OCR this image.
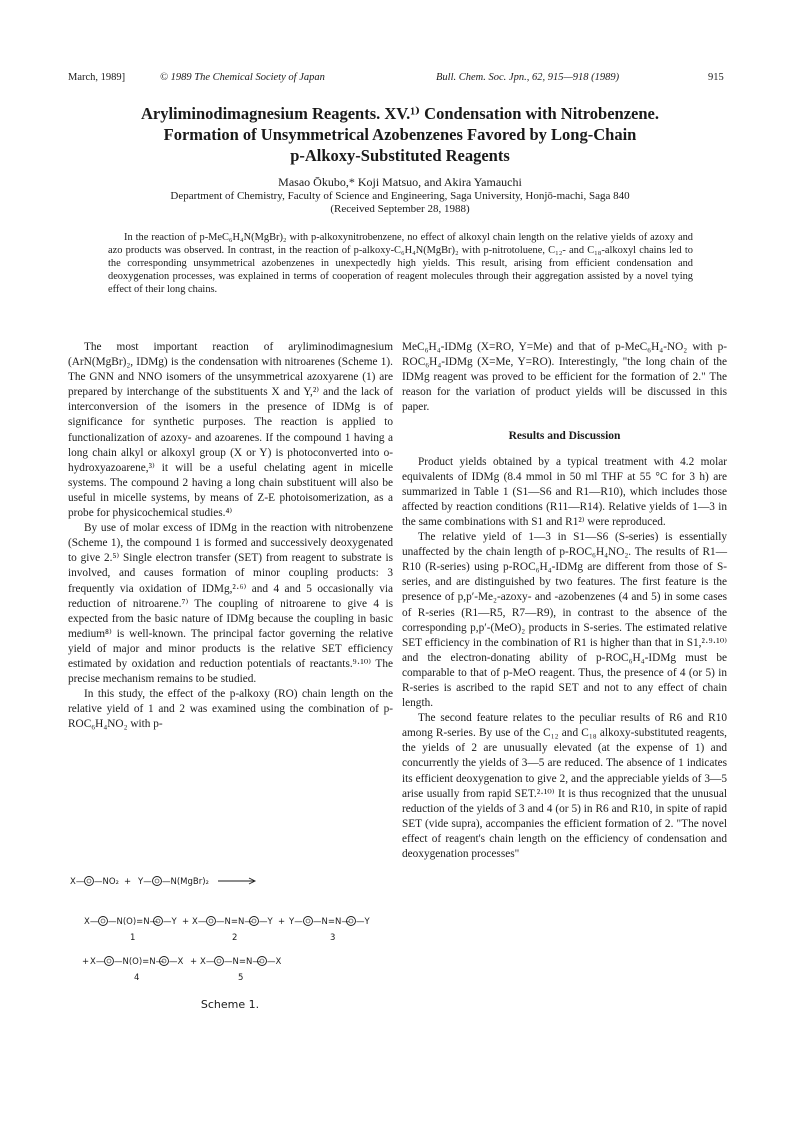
March, 1989]	© 1989 The Chemical Society of Japan	Bull. Chem. Soc. Jpn., 62, 915—918 (1989)	915
Aryliminodimagnesium Reagents. XV.¹⁾ Condensation with Nitrobenzene.
Formation of Unsymmetrical Azobenzenes Favored by Long-Chain
p-Alkoxy-Substituted Reagents
Masao Ōkubo,* Koji Matsuo, and Akira Yamauchi
Department of Chemistry, Faculty of Science and Engineering, Saga University, Honjō-machi, Saga 840
(Received September 28, 1988)
In the reaction of p-MeC₆H₄N(MgBr)₂ with p-alkoxynitrobenzene, no effect of alkoxyl chain length on the relative yields of azoxy and azo products was observed. In contrast, in the reaction of p-alkoxy-C₆H₄N(MgBr)₂ with p-nitrotoluene, C₁₂- and C₁₈-alkoxyl chains led to the corresponding unsymmetrical azobenzenes in unexpectedly high yields. This result, arising from efficient condensation and deoxygenation processes, was explained in terms of cooperation of reagent molecules through their aggregation assisted by a novel tying effect of their long chains.

The most important reaction of aryliminodimagnesium (ArN(MgBr)₂, IDMg) is the condensation with nitroarenes (Scheme 1). The GNN and NNO isomers of the unsymmetrical azoxyarene (1) are prepared by interchange of the substituents X and Y,²⁾ and the lack of interconversion of the isomers in the presence of IDMg is of significance for synthetic purposes. The reaction is applied to functionalization of azoxy- and azoarenes. If the compound 1 having a long chain alkyl or alkoxyl group (X or Y) is photoconverted into o-hydroxyazoarene,³⁾ it will be a useful chelating agent in micelle systems. The compound 2 having a long chain substituent will also be useful in micelle systems, by means of Z-E photoisomerization, as a probe for physicochemical studies.⁴⁾

By use of molar excess of IDMg in the reaction with nitrobenzene (Scheme 1), the compound 1 is formed and successively deoxygenated to give 2.⁵⁾ Single electron transfer (SET) from reagent to substrate is involved, and causes formation of minor coupling products: 3 frequently via oxidation of IDMg,²·⁶⁾ and 4 and 5 occasionally via reduction of nitroarene.⁷⁾ The coupling of nitroarene to give 4 is expected from the basic nature of IDMg because the coupling in basic medium⁸⁾ is well-known. The principal factor governing the relative yield of major and minor products is the relative SET efficiency estimated by oxidation and reduction potentials of reactants.⁹·¹⁰⁾ The precise mechanism remains to be studied.

In this study, the effect of the p-alkoxy (RO) chain length on the relative yield of 1 and 2 was examined using the combination of p-ROC₆H₄NO₂ with p-

X— —NO₂ + Y— —N(MgBr)₂
X— —N(O)=N— —Y + X— —N=N— —Y + Y— —N=N— —Y
1	2	3
+ X— —N(O)=N— —X + X— —N=N— —X
4	5
Scheme 1.

MeC₆H₄-IDMg (X=RO, Y=Me) and that of p-MeC₆H₄-NO₂ with p-ROC₆H₄-IDMg (X=Me, Y=RO). Interestingly, "the long chain of the IDMg reagent was proved to be efficient for the formation of 2." The reason for the variation of product yields will be discussed in this paper.

Results and Discussion

Product yields obtained by a typical treatment with 4.2 molar equivalents of IDMg (8.4 mmol in 50 ml THF at 55 °C for 3 h) are summarized in Table 1 (S1—S6 and R1—R10), which includes those affected by reaction conditions (R11—R14). Relative yields of 1—3 in the same combinations with S1 and R1²⁾ were reproduced.

The relative yield of 1—3 in S1—S6 (S-series) is essentially unaffected by the chain length of p-ROC₆H₄NO₂. The results of R1—R10 (R-series) using p-ROC₆H₄-IDMg are different from those of S-series, and are distinguished by two features. The first feature is the presence of p,p′-Me₂-azoxy- and -azobenzenes (4 and 5) in some cases of R-series (R1—R5, R7—R9), in contrast to the absence of the corresponding p,p′-(MeO)₂ products in S-series. The estimated relative SET efficiency in the combination of R1 is higher than that in S1,²·⁹·¹⁰⁾ and the electron-donating ability of p-ROC₆H₄-IDMg must be comparable to that of p-MeO reagent. Thus, the presence of 4 (or 5) in R-series is ascribed to the rapid SET and not to any effect of chain length.

The second feature relates to the peculiar results of R6 and R10 among R-series. By use of the C₁₂ and C₁₈ alkoxy-substituted reagents, the yields of 2 are unusually elevated (at the expense of 1) and concurrently the yields of 3—5 are reduced. The absence of 1 indicates its efficient deoxygenation to give 2, and the appreciable yields of 3—5 arise usually from rapid SET.²·¹⁰⁾ It is thus recognized that the unusual reduction of the yields of 3 and 4 (or 5) in R6 and R10, in spite of rapid SET (vide supra), accompanies the efficient formation of 2. "The novel effect of reagent's chain length on the efficiency of condensation and deoxygenation processes"
